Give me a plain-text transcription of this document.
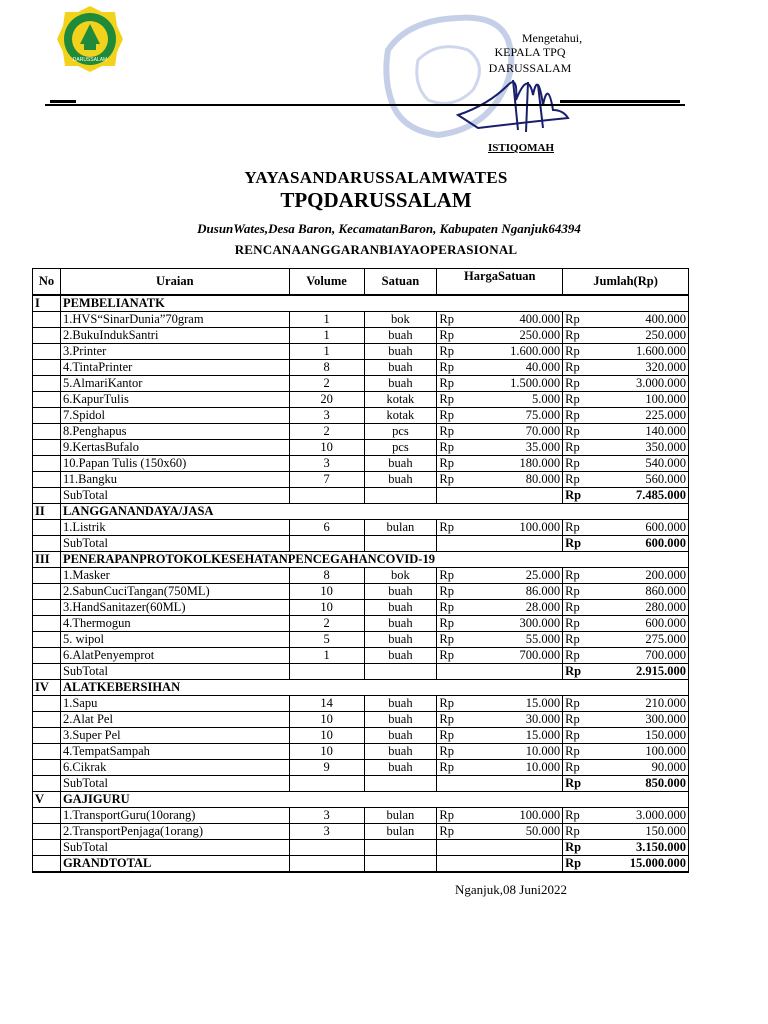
DARUSSALAM
Mengetahui,
KEPALA TPQ
DARUSSALAM
ISTIQOMAH
YAYASANDARUSSALAMWATES
TPQDARUSSALAM
DusunWates,Desa Baron, KecamatanBaron, Kabupaten Nganjuk64394
RENCANAANGGARANBIAYAOPERASIONAL
No	Uraian	Volume	Satuan	HargaSatuan		Jumlah(Rp)	
I	PEMBELIANATK						
	1.HVS“SinarDunia”70gram	1	bok	Rp	400.000	Rp	400.000
	2.BukuIndukSantri	1	buah	Rp	250.000	Rp	250.000
	3.Printer	1	buah	Rp	1.600.000	Rp	1.600.000
	4.TintaPrinter	8	buah	Rp	40.000	Rp	320.000
	5.AlmariKantor	2	buah	Rp	1.500.000	Rp	3.000.000
	6.KapurTulis	20	kotak	Rp	5.000	Rp	100.000
	7.Spidol	3	kotak	Rp	75.000	Rp	225.000
	8.Penghapus	2	pcs	Rp	70.000	Rp	140.000
	9.KertasBufalo	10	pcs	Rp	35.000	Rp	350.000
	10.Papan Tulis (150x60)	3	buah	Rp	180.000	Rp	540.000
	11.Bangku	7	buah	Rp	80.000	Rp	560.000
	SubTotal					Rp	7.485.000
II	LANGGANANDAYA/JASA						
	1.Listrik	6	bulan	Rp	100.000	Rp	600.000
	SubTotal					Rp	600.000
III	PENERAPANPROTOKOLKESEHATANPENCEGAHANCOVID-19						
	1.Masker	8	bok	Rp	25.000	Rp	200.000
	2.SabunCuciTangan(750ML)	10	buah	Rp	86.000	Rp	860.000
	3.HandSanitazer(60ML)	10	buah	Rp	28.000	Rp	280.000
	4.Thermogun	2	buah	Rp	300.000	Rp	600.000
	5. wipol	5	buah	Rp	55.000	Rp	275.000
	6.AlatPenyemprot	1	buah	Rp	700.000	Rp	700.000
	SubTotal					Rp	2.915.000
IV	ALATKEBERSIHAN						
	1.Sapu	14	buah	Rp	15.000	Rp	210.000
	2.Alat Pel	10	buah	Rp	30.000	Rp	300.000
	3.Super Pel	10	buah	Rp	15.000	Rp	150.000
	4.TempatSampah	10	buah	Rp	10.000	Rp	100.000
	6.Cikrak	9	buah	Rp	10.000	Rp	90.000
	SubTotal					Rp	850.000
V	GAJIGURU						
	1.TransportGuru(10orang)	3	bulan	Rp	100.000	Rp	3.000.000
	2.TransportPenjaga(1orang)	3	bulan	Rp	50.000	Rp	150.000
	SubTotal					Rp	3.150.000
	GRANDTOTAL					Rp	15.000.000
Nganjuk,08 Juni2022
